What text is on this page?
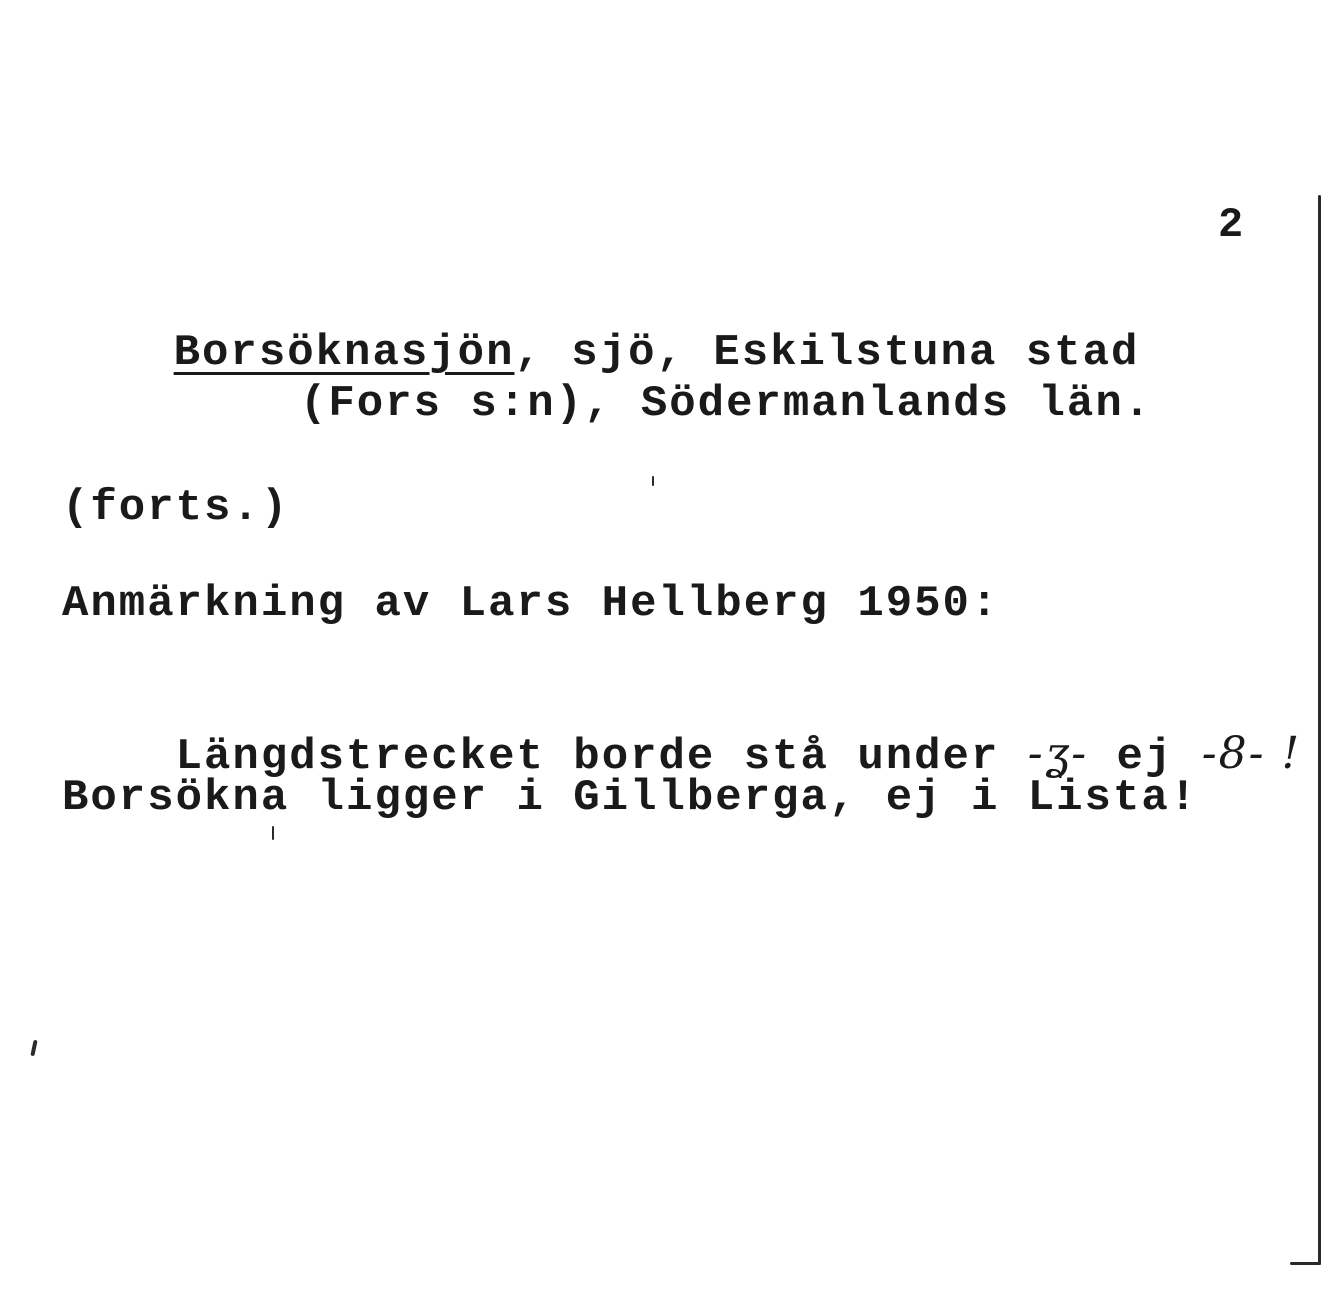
2

Borsöknasjön, sjö, Eskilstuna stad

(Fors s:n), Södermanlands län.
(forts.)
Anmärkning av Lars Hellberg 1950:

Längdstrecket borde stå under -ʓ- ej -8- !

Borsökna ligger i Gillberga, ej i Lista!
